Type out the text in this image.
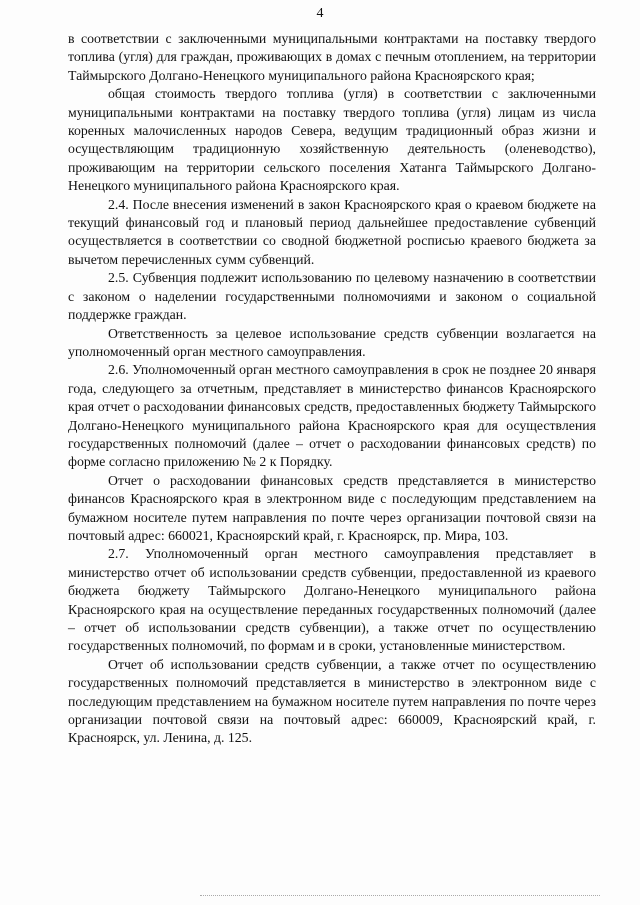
4

в соответствии с заключенными муниципальными контрактами на поставку твердого топлива (угля) для граждан, проживающих в домах с печным отоплением, на территории Таймырского Долгано-Ненецкого муниципального района Красноярского края;

общая стоимость твердого топлива (угля) в соответствии с заключенными муниципальными контрактами на поставку твердого топлива (угля) лицам из числа коренных малочисленных народов Севера, ведущим традиционный образ жизни и осуществляющим традиционную хозяйственную деятельность (оленеводство), проживающим на территории сельского поселения Хатанга Таймырского Долгано-Ненецкого муниципального района Красноярского края.

2.4. После внесения изменений в закон Красноярского края о краевом бюджете на текущий финансовый год и плановый период дальнейшее предоставление субвенций осуществляется в соответствии со сводной бюджетной росписью краевого бюджета за вычетом перечисленных сумм субвенций.

2.5. Субвенция подлежит использованию по целевому назначению в соответствии с законом о наделении государственными полномочиями и законом о социальной поддержке граждан.

Ответственность за целевое использование средств субвенции возлагается на уполномоченный орган местного самоуправления.

2.6. Уполномоченный орган местного самоуправления в срок не позднее 20 января года, следующего за отчетным, представляет в министерство финансов Красноярского края отчет о расходовании финансовых средств, предоставленных бюджету Таймырского Долгано-Ненецкого муниципального района Красноярского края для осуществления государственных полномочий (далее – отчет о расходовании финансовых средств) по форме согласно приложению № 2 к Порядку.

Отчет о расходовании финансовых средств представляется в министерство финансов Красноярского края в электронном виде с последующим представлением на бумажном носителе путем направления по почте через организации почтовой связи на почтовый адрес: 660021, Красноярский край, г. Красноярск, пр. Мира, 103.

2.7. Уполномоченный орган местного самоуправления представляет в министерство отчет об использовании средств субвенции, предоставленной из краевого бюджета бюджету Таймырского Долгано-Ненецкого муниципального района Красноярского края на осуществление переданных государственных полномочий (далее – отчет об использовании средств субвенции), а также отчет по осуществлению государственных полномочий, по формам и в сроки, установленные министерством.

Отчет об использовании средств субвенции, а также отчет по осуществлению государственных полномочий представляется в министерство в электронном виде с последующим представлением на бумажном носителе путем направления по почте через организации почтовой связи на почтовый адрес: 660009, Красноярский край, г. Красноярск, ул. Ленина, д. 125.
